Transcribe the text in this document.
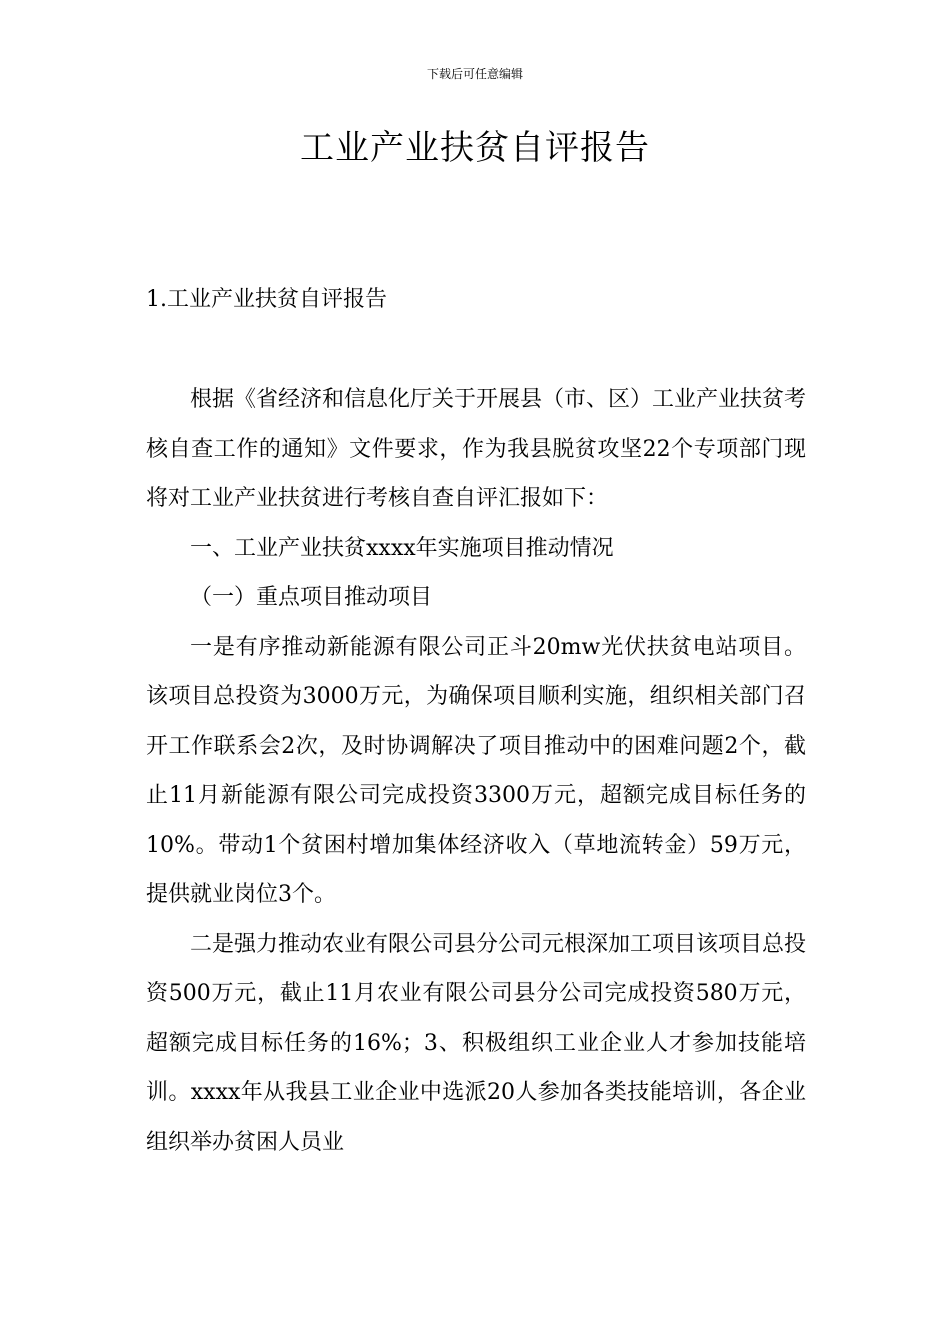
下载后可任意编辑
工业产业扶贫自评报告
1.工业产业扶贫自评报告

根据《省经济和信息化厅关于开展县（市、区）工业产业扶贫考核自查工作的通知》文件要求，作为我县脱贫攻坚22个专项部门现将对工业产业扶贫进行考核自查自评汇报如下：

一、工业产业扶贫xxxx年实施项目推动情况

（一）重点项目推动项目

一是有序推动新能源有限公司正斗20mw光伏扶贫电站项目。该项目总投资为3000万元，为确保项目顺利实施，组织相关部门召开工作联系会2次，及时协调解决了项目推动中的困难问题2个，截止11月新能源有限公司完成投资3300万元，超额完成目标任务的10%。带动1个贫困村增加集体经济收入（草地流转金）59万元，提供就业岗位3个。

二是强力推动农业有限公司县分公司元根深加工项目该项目总投资500万元，截止11月农业有限公司县分公司完成投资580万元，超额完成目标任务的16%；3、积极组织工业企业人才参加技能培训。xxxx年从我县工业企业中选派20人参加各类技能培训，各企业组织举办贫困人员业
